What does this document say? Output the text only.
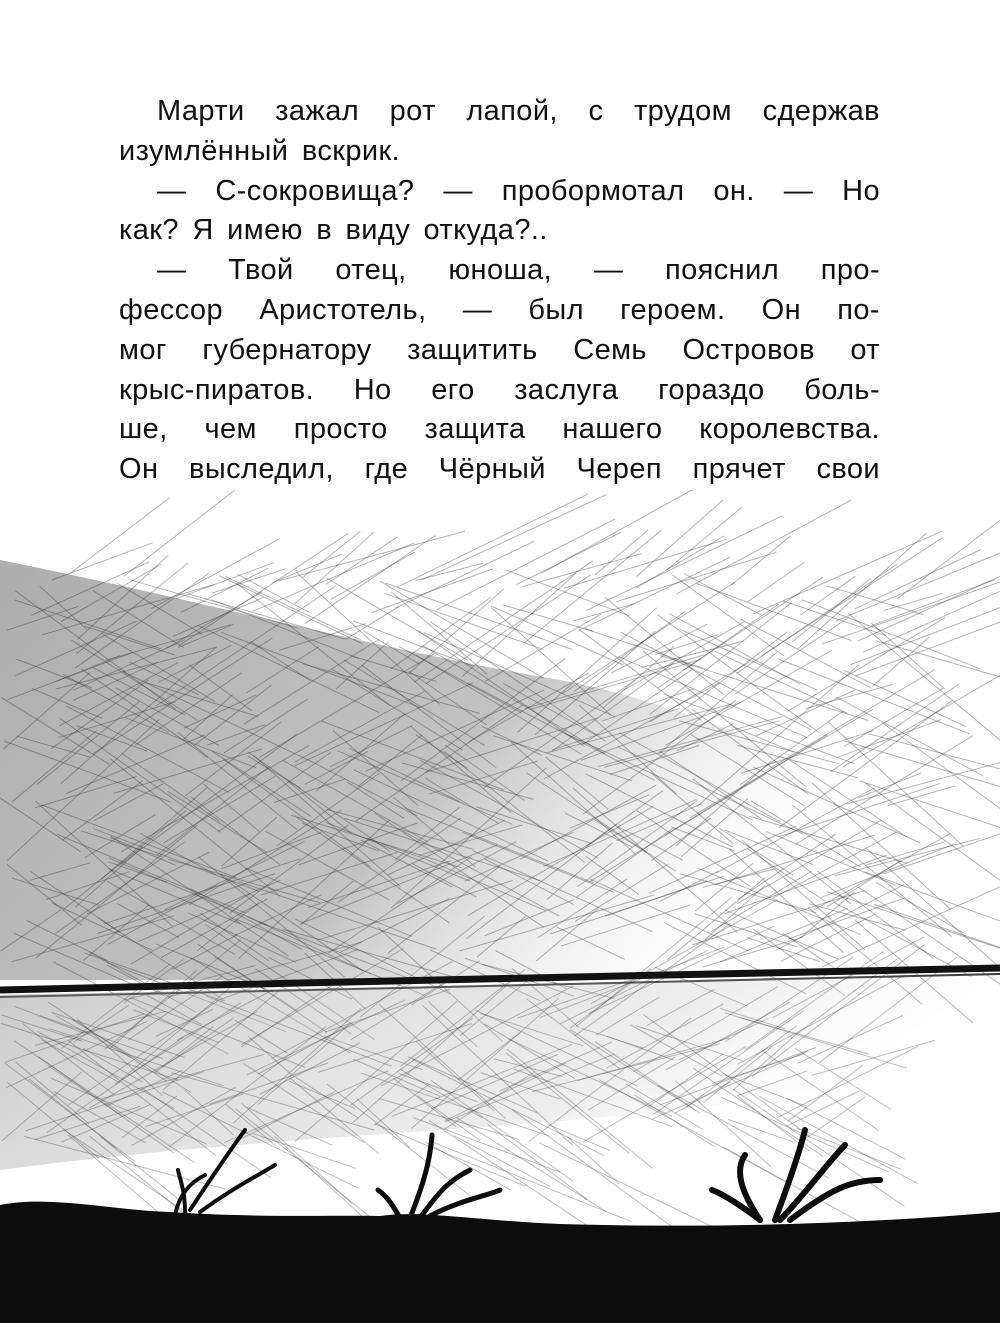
Марти зажал рот лапой, с трудом сдержав
изумлённый вскрик.
— С-сокровища? — пробормотал он. — Но
как? Я имею в виду откуда?..
— Твой отец, юноша, — пояснил про-
фессор Аристотель, — был героем. Он по-
мог губернатору защитить Семь Островов от
крыс-пиратов. Но его заслуга гораздо боль-
ше, чем просто защита нашего королевства.
Он выследил, где Чёрный Череп прячет свои
